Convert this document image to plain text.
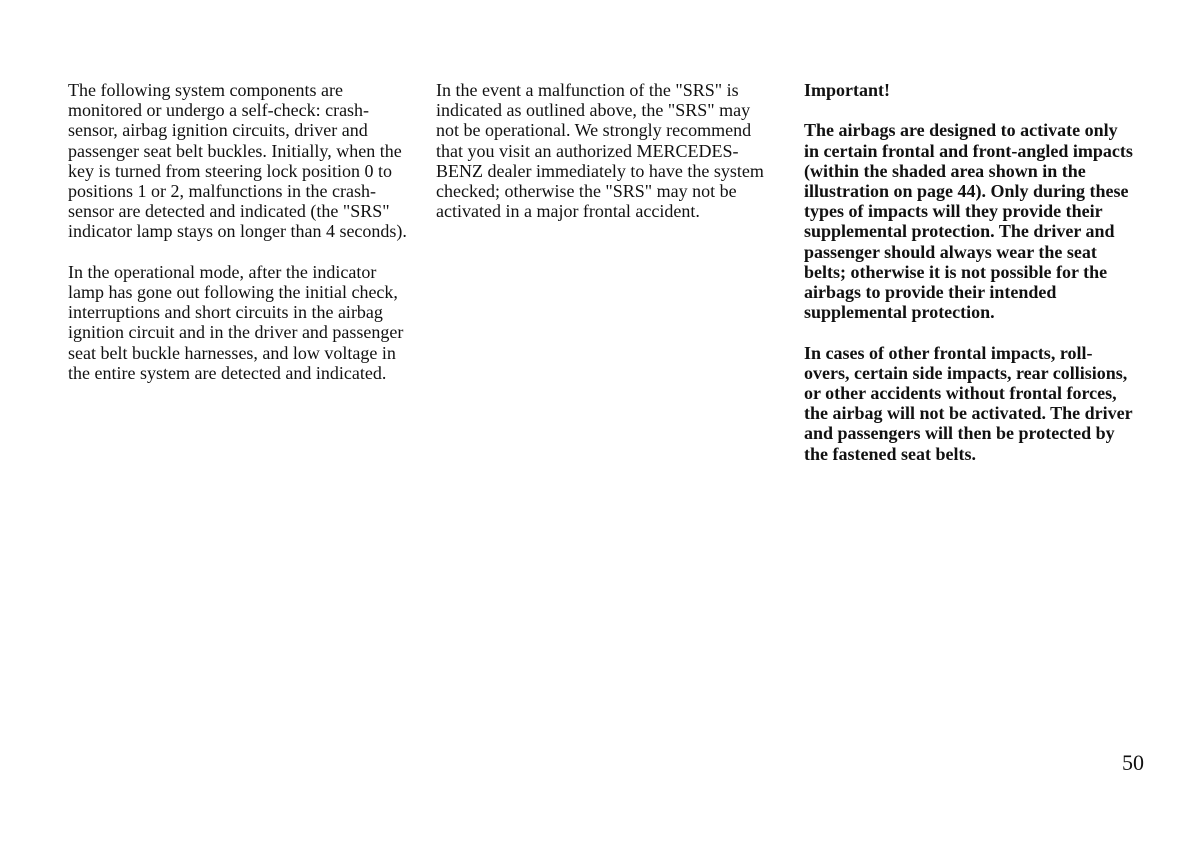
The following system components are monitored or undergo a self-check: crash-sensor, airbag ignition circuits, driver and passenger seat belt buckles. Initially, when the key is turned from steering lock position 0 to positions 1 or 2, malfunctions in the crash-sensor are detected and indicated (the "SRS" indicator lamp stays on longer than 4 seconds).

In the operational mode, after the indicator lamp has gone out following the initial check, interruptions and short circuits in the airbag ignition circuit and in the driver and passenger seat belt buckle harnesses, and low voltage in the entire system are detected and indicated.

In the event a malfunction of the "SRS" is indicated as outlined above, the "SRS" may not be operational. We strongly recommend that you visit an authorized MERCEDES-BENZ dealer immediately to have the system checked; otherwise the "SRS" may not be activated in a major frontal accident.

Important!

The airbags are designed to activate only in certain frontal and front-angled impacts (within the shaded area shown in the illustration on page 44). Only during these types of impacts will they provide their supplemental protection. The driver and passenger should always wear the seat belts; otherwise it is not possible for the airbags to provide their intended supplemental protection.

In cases of other frontal impacts, roll-overs, certain side impacts, rear collisions, or other accidents without frontal forces, the airbag will not be activated. The driver and passengers will then be protected by the fastened seat belts.

50
